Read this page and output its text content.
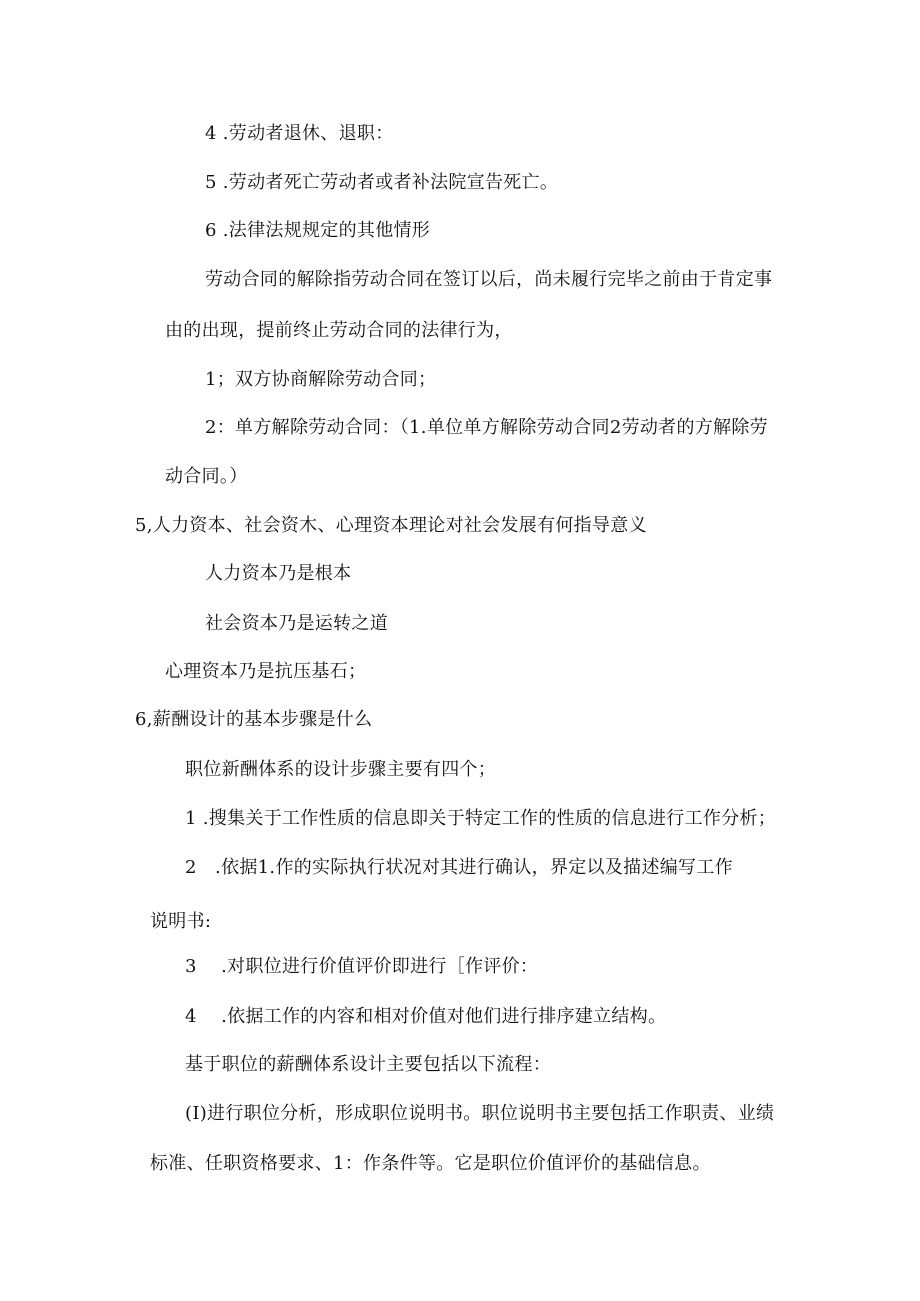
4 .劳动者退休、退职：
5 .劳动者死亡劳动者或者补法院宣告死亡。
6 .法律法规规定的其他情形
劳动合同的解除指劳动合同在签订以后，尚未履行完毕之前由于肯定事
由的出现，提前终止劳动合同的法律行为，
1；双方协商解除劳动合同；
2：单方解除劳动合同：（1.单位单方解除劳动合同2劳动者的方解除劳
动合同。）
5,人力资本、社会资木、心理资本理论对社会发展有何指导意义
人力资本乃是根本
社会资本乃是运转之道
心理资本乃是抗压基石；
6,薪酬设计的基本步骤是什么
职位新酬体系的设计步骤主要有四个；
1 .搜集关于工作性质的信息即关于特定工作的性质的信息进行工作分析；
2　.依据1.作的实际执行状况对其进行确认，界定以及描述编写工作
说明书:
3　 .对职位进行价值评价即进行［作评价：
4　 .依据工作的内容和相对价值对他们进行排序建立结构。
基于职位的薪酬体系设计主要包括以下流程：
(I)进行职位分析，形成职位说明书。职位说明书主要包括工作职责、业绩
标准、任职资格要求、1：作条件等。它是职位价值评价的基础信息。
